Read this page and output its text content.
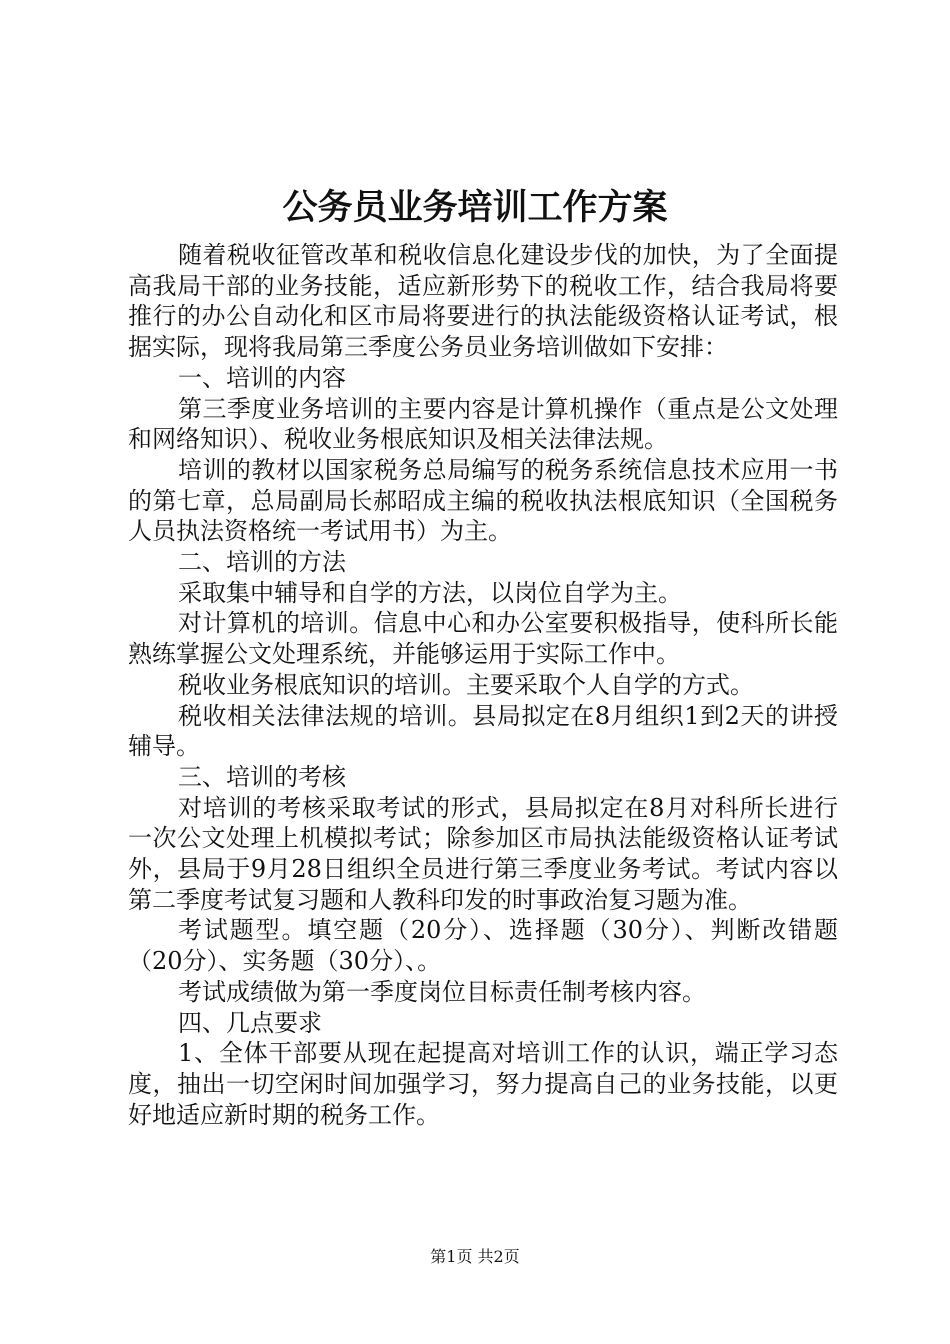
公务员业务培训工作方案

随着税收征管改革和税收信息化建设步伐的加快，为了全面提高我局干部的业务技能，适应新形势下的税收工作，结合我局将要推行的办公自动化和区市局将要进行的执法能级资格认证考试，根据实际，现将我局第三季度公务员业务培训做如下安排：

一、培训的内容

第三季度业务培训的主要内容是计算机操作（重点是公文处理和网络知识）、税收业务根底知识及相关法律法规。

培训的教材以国家税务总局编写的税务系统信息技术应用一书的第七章，总局副局长郝昭成主编的税收执法根底知识（全国税务人员执法资格统一考试用书）为主。

二、培训的方法

采取集中辅导和自学的方法，以岗位自学为主。

对计算机的培训。信息中心和办公室要积极指导，使科所长能熟练掌握公文处理系统，并能够运用于实际工作中。

税收业务根底知识的培训。主要采取个人自学的方式。

税收相关法律法规的培训。县局拟定在8月组织1到2天的讲授辅导。

三、培训的考核

对培训的考核采取考试的形式，县局拟定在8月对科所长进行一次公文处理上机模拟考试；除参加区市局执法能级资格认证考试外，县局于9月28日组织全员进行第三季度业务考试。考试内容以第二季度考试复习题和人教科印发的时事政治复习题为准。

考试题型。填空题（20分）、选择题（30分）、判断改错题（20分）、实务题（30分）、。

考试成绩做为第一季度岗位目标责任制考核内容。

四、几点要求

1、全体干部要从现在起提高对培训工作的认识，端正学习态度，抽出一切空闲时间加强学习，努力提高自己的业务技能，以更好地适应新时期的税务工作。

第1页 共2页
